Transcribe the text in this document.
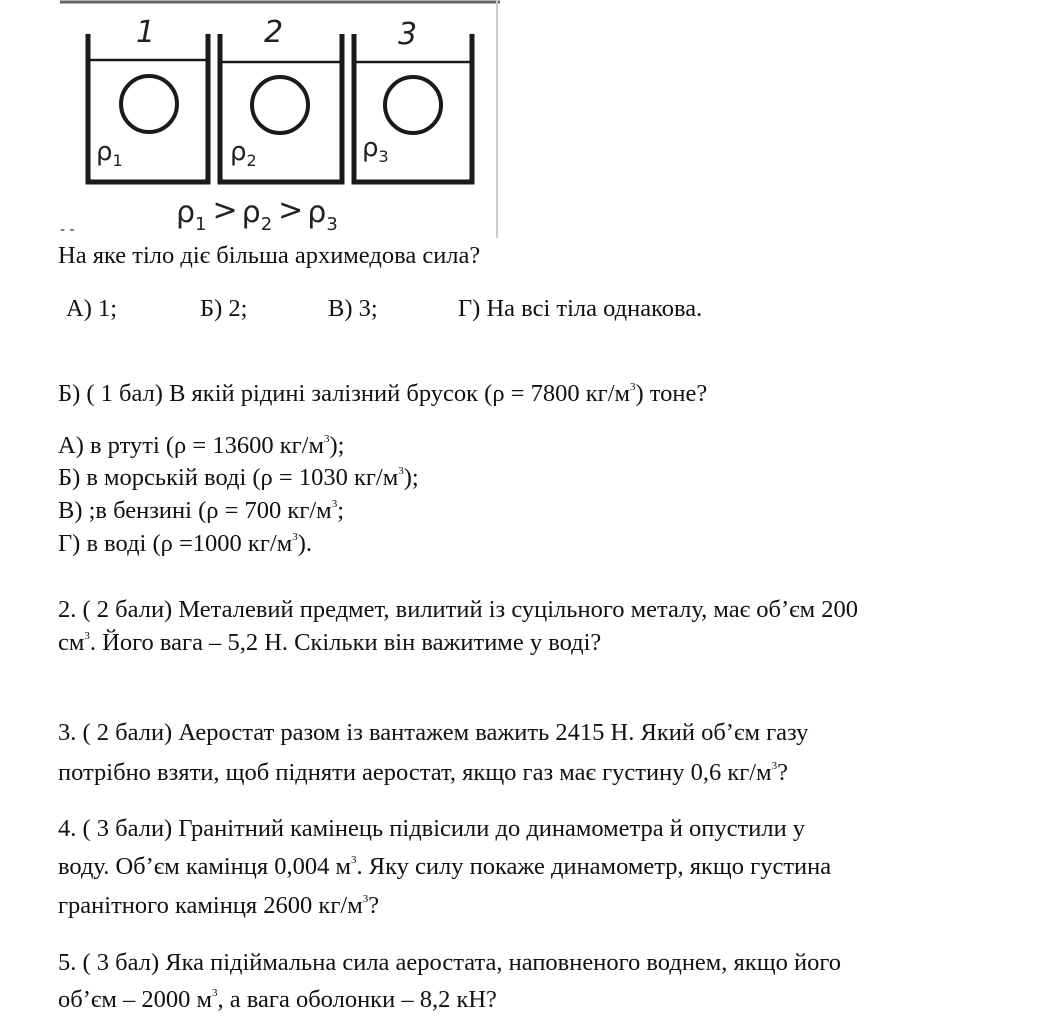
1	2	3
$\rho_1$	$\rho_2$	$\rho_3$
$\rho_1 > \rho_2 > \rho_3$
- -
На яке тіло діє більша архимедова сила?
А) 1;	Б) 2;	В) 3;	Г) На всі тіла однакова.
Б) ( 1 бал) В якій рідині залізний брусок (ρ = 7800 $кг/м^3$) тоне?
А) в ртуті (ρ = 13600 $кг/м^3$);
Б) в морській воді (ρ = 1030 $кг/м^3$);
В) ;в бензині (ρ = 700 $кг/м^3$;
Г) в воді (ρ =1000 $кг/м^3$).
2. ( 2 бали) Металевий предмет, вилитий із суцільного металу, має об’єм 200
$см^3$. Його вага – 5,2 Н. Скільки він важитиме у воді?
3. ( 2 бали) Аеростат разом із вантажем важить 2415 Н. Який об’єм газу
потрібно взяти, щоб підняти аеростат, якщо газ має густину 0,6 $кг/м^3$?
4. ( 3 бали) Гранітний камінець підвісили до динамометра й опустили у
воду. Об’єм камінця 0,004 $м^3$. Яку силу покаже динамометр, якщо густина
гранітного камінця 2600 $кг/м^3$?
5. ( 3 бал) Яка підіймальна сила аеростата, наповненого воднем, якщо його
об’єм – 2000 $м^3$, а вага оболонки – 8,2 кН?
